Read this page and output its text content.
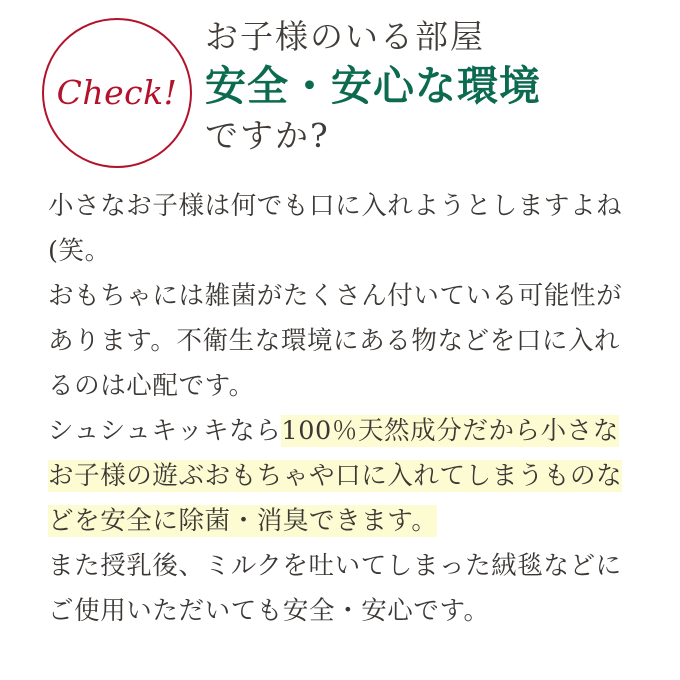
Check!
お子様のいる部屋
安全・安心な環境
ですか?

小さなお子様は何でも口に入れようとしますよね(笑。

おもちゃには雑菌がたくさん付いている可能性があります。不衛生な環境にある物などを口に入れるのは心配です。

シュシュキッキなら100％天然成分だから小さなお子様の遊ぶおもちゃや口に入れてしまうものなどを安全に除菌・消臭できます。

また授乳後、ミルクを吐いてしまった絨毯などにご使用いただいても安全・安心です。
